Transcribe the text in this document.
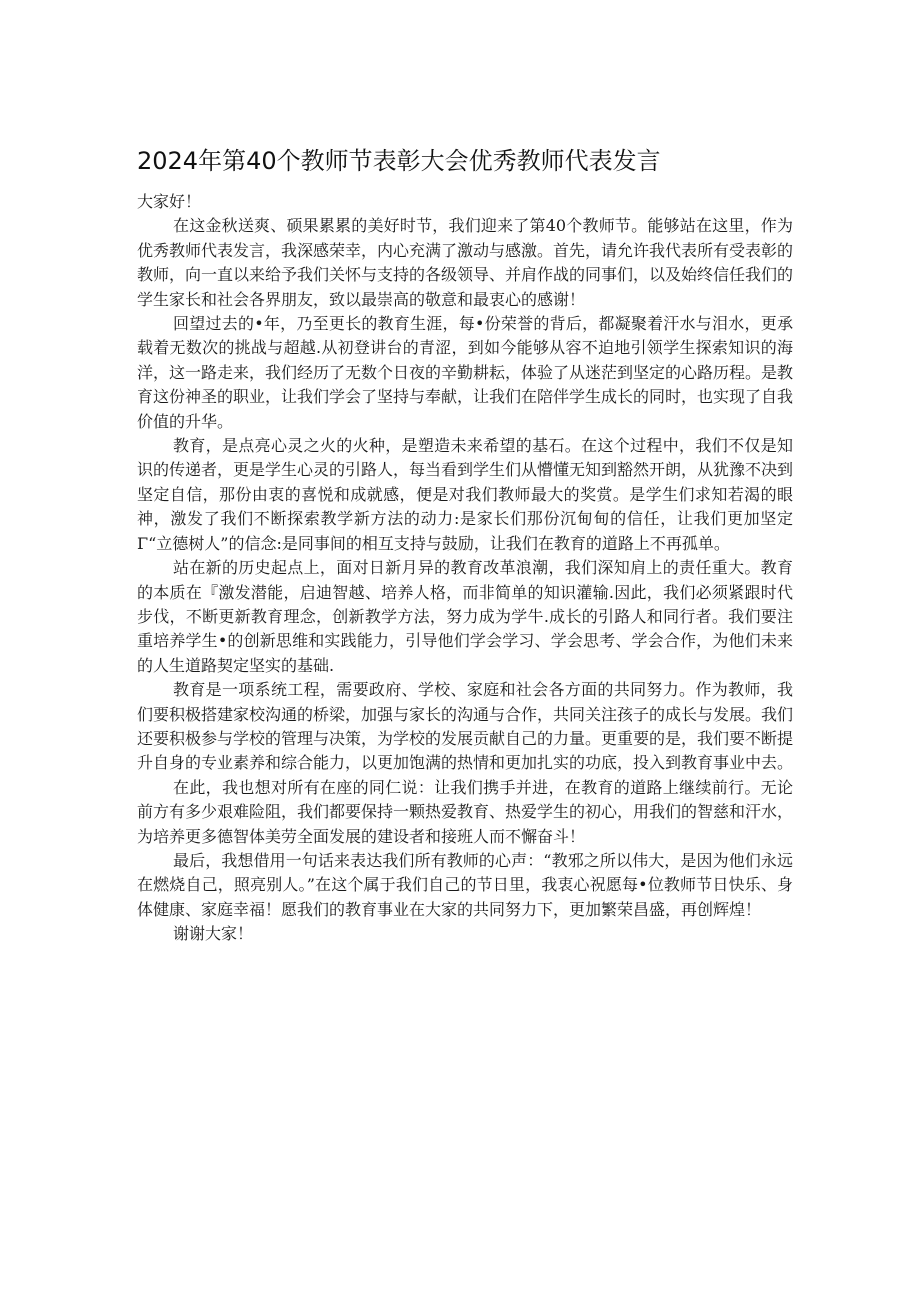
2024年第40个教师节表彰大会优秀教师代表发言

大家好！

在这金秋送爽、硕果累累的美好时节，我们迎来了第40个教师节。能够站在这里，作为优秀教师代表发言，我深感荣幸，内心充满了激动与感激。首先，请允许我代表所有受表彰的教师，向一直以来给予我们关怀与支持的各级领导、并肩作战的同事们，以及始终信任我们的学生家长和社会各界朋友，致以最崇高的敬意和最衷心的感谢！

回望过去的•年，乃至更长的教育生涯，每•份荣誉的背后，都凝聚着汗水与泪水，更承载着无数次的挑战与超越.从初登讲台的青涩，到如今能够从容不迫地引领学生探索知识的海洋，这一路走来，我们经历了无数个日夜的辛勤耕耘，体验了从迷茫到坚定的心路历程。是教育这份神圣的职业，让我们学会了坚持与奉献，让我们在陪伴学生成长的同时，也实现了自我价值的升华。

教育，是点亮心灵之火的火种，是塑造未来希望的基石。在这个过程中，我们不仅是知识的传递者，更是学生心灵的引路人，每当看到学生们从懵懂无知到豁然开朗，从犹豫不决到坚定自信，那份由衷的喜悦和成就感，便是对我们教师最大的奖赏。是学生们求知若渴的眼神，激发了我们不断探索教学新方法的动力:是家长们那份沉甸甸的信任，让我们更加坚定Γ“立德树人”的信念:是同事间的相互支持与鼓励，让我们在教育的道路上不再孤单。

站在新的历史起点上，面对日新月异的教育改革浪潮，我们深知肩上的责任重大。教育的本质在『激发潜能，启迪智越、培养人格，而非简单的知识灌输.因此，我们必须紧跟时代步伐，不断更新教育理念，创新教学方法，努力成为学牛.成长的引路人和同行者。我们要注重培养学生•的创新思维和实践能力，引导他们学会学习、学会思考、学会合作，为他们未来的人生道路契定坚实的基础.

教育是一项系统工程，需要政府、学校、家庭和社会各方面的共同努力。作为教师，我们要积极搭建家校沟通的桥梁，加强与家长的沟通与合作，共同关注孩子的成长与发展。我们还要积极参与学校的管理与决策，为学校的发展贡献自己的力量。更重要的是，我们要不断提升自身的专业素养和综合能力，以更加饱满的热情和更加扎实的功底，投入到教育事业中去。

在此，我也想对所有在座的同仁说：让我们携手并进，在教育的道路上继续前行。无论前方有多少艰难险阻，我们都要保持一颗热爱教育、热爱学生的初心，用我们的智慈和汗水，为培养更多德智体美劳全面发展的建设者和接班人而不懈奋斗！

最后，我想借用一句话来表达我们所有教师的心声：“教邪之所以伟大，是因为他们永远在燃烧自己，照亮别人。”在这个属于我们自己的节日里，我衷心祝愿每•位教师节日快乐、身体健康、家庭幸福！愿我们的教育事业在大家的共同努力下，更加繁荣昌盛，再创辉煌！

谢谢大家！
